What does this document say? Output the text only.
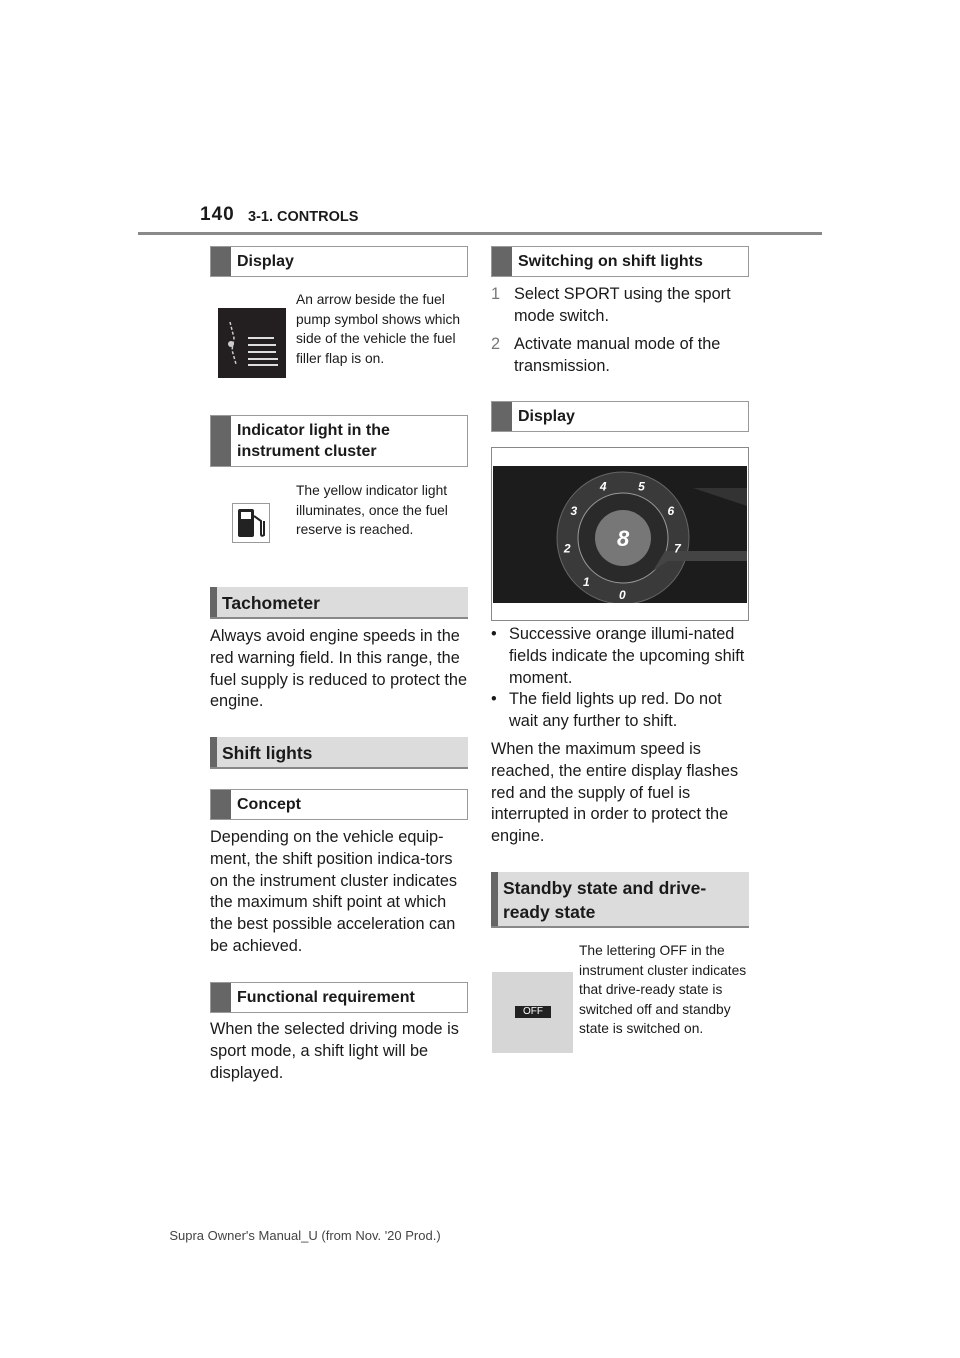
140 3-1. CONTROLS
Display
An arrow beside the fuel pump symbol shows which side of the vehicle the fuel filler flap is on.
Indicator light in the instrument cluster
The yellow indicator light illuminates, once the fuel reserve is reached.
Tachometer
Always avoid engine speeds in the red warning field. In this range, the fuel supply is reduced to protect the engine.
Shift lights
Concept
Depending on the vehicle equip-ment, the shift position indica-tors on the instrument cluster indicates the maximum shift point at which the best possible acceleration can be achieved.
Functional requirement
When the selected driving mode is sport mode, a shift light will be displayed.
Switching on shift lights
1 Select SPORT using the sport mode switch.
2 Activate manual mode of the transmission.
Display
8
0
1
2
3
4	5
6
7
• Successive orange illumi-nated fields indicate the upcoming shift moment.
• The field lights up red. Do not wait any further to shift.
When the maximum speed is reached, the entire display flashes red and the supply of fuel is interrupted in order to protect the engine.
Standby state and drive-ready state
OFF
The lettering OFF in the instrument cluster indicates that drive-ready state is switched off and standby state is switched on.
Supra Owner's Manual_U (from Nov. '20 Prod.)
